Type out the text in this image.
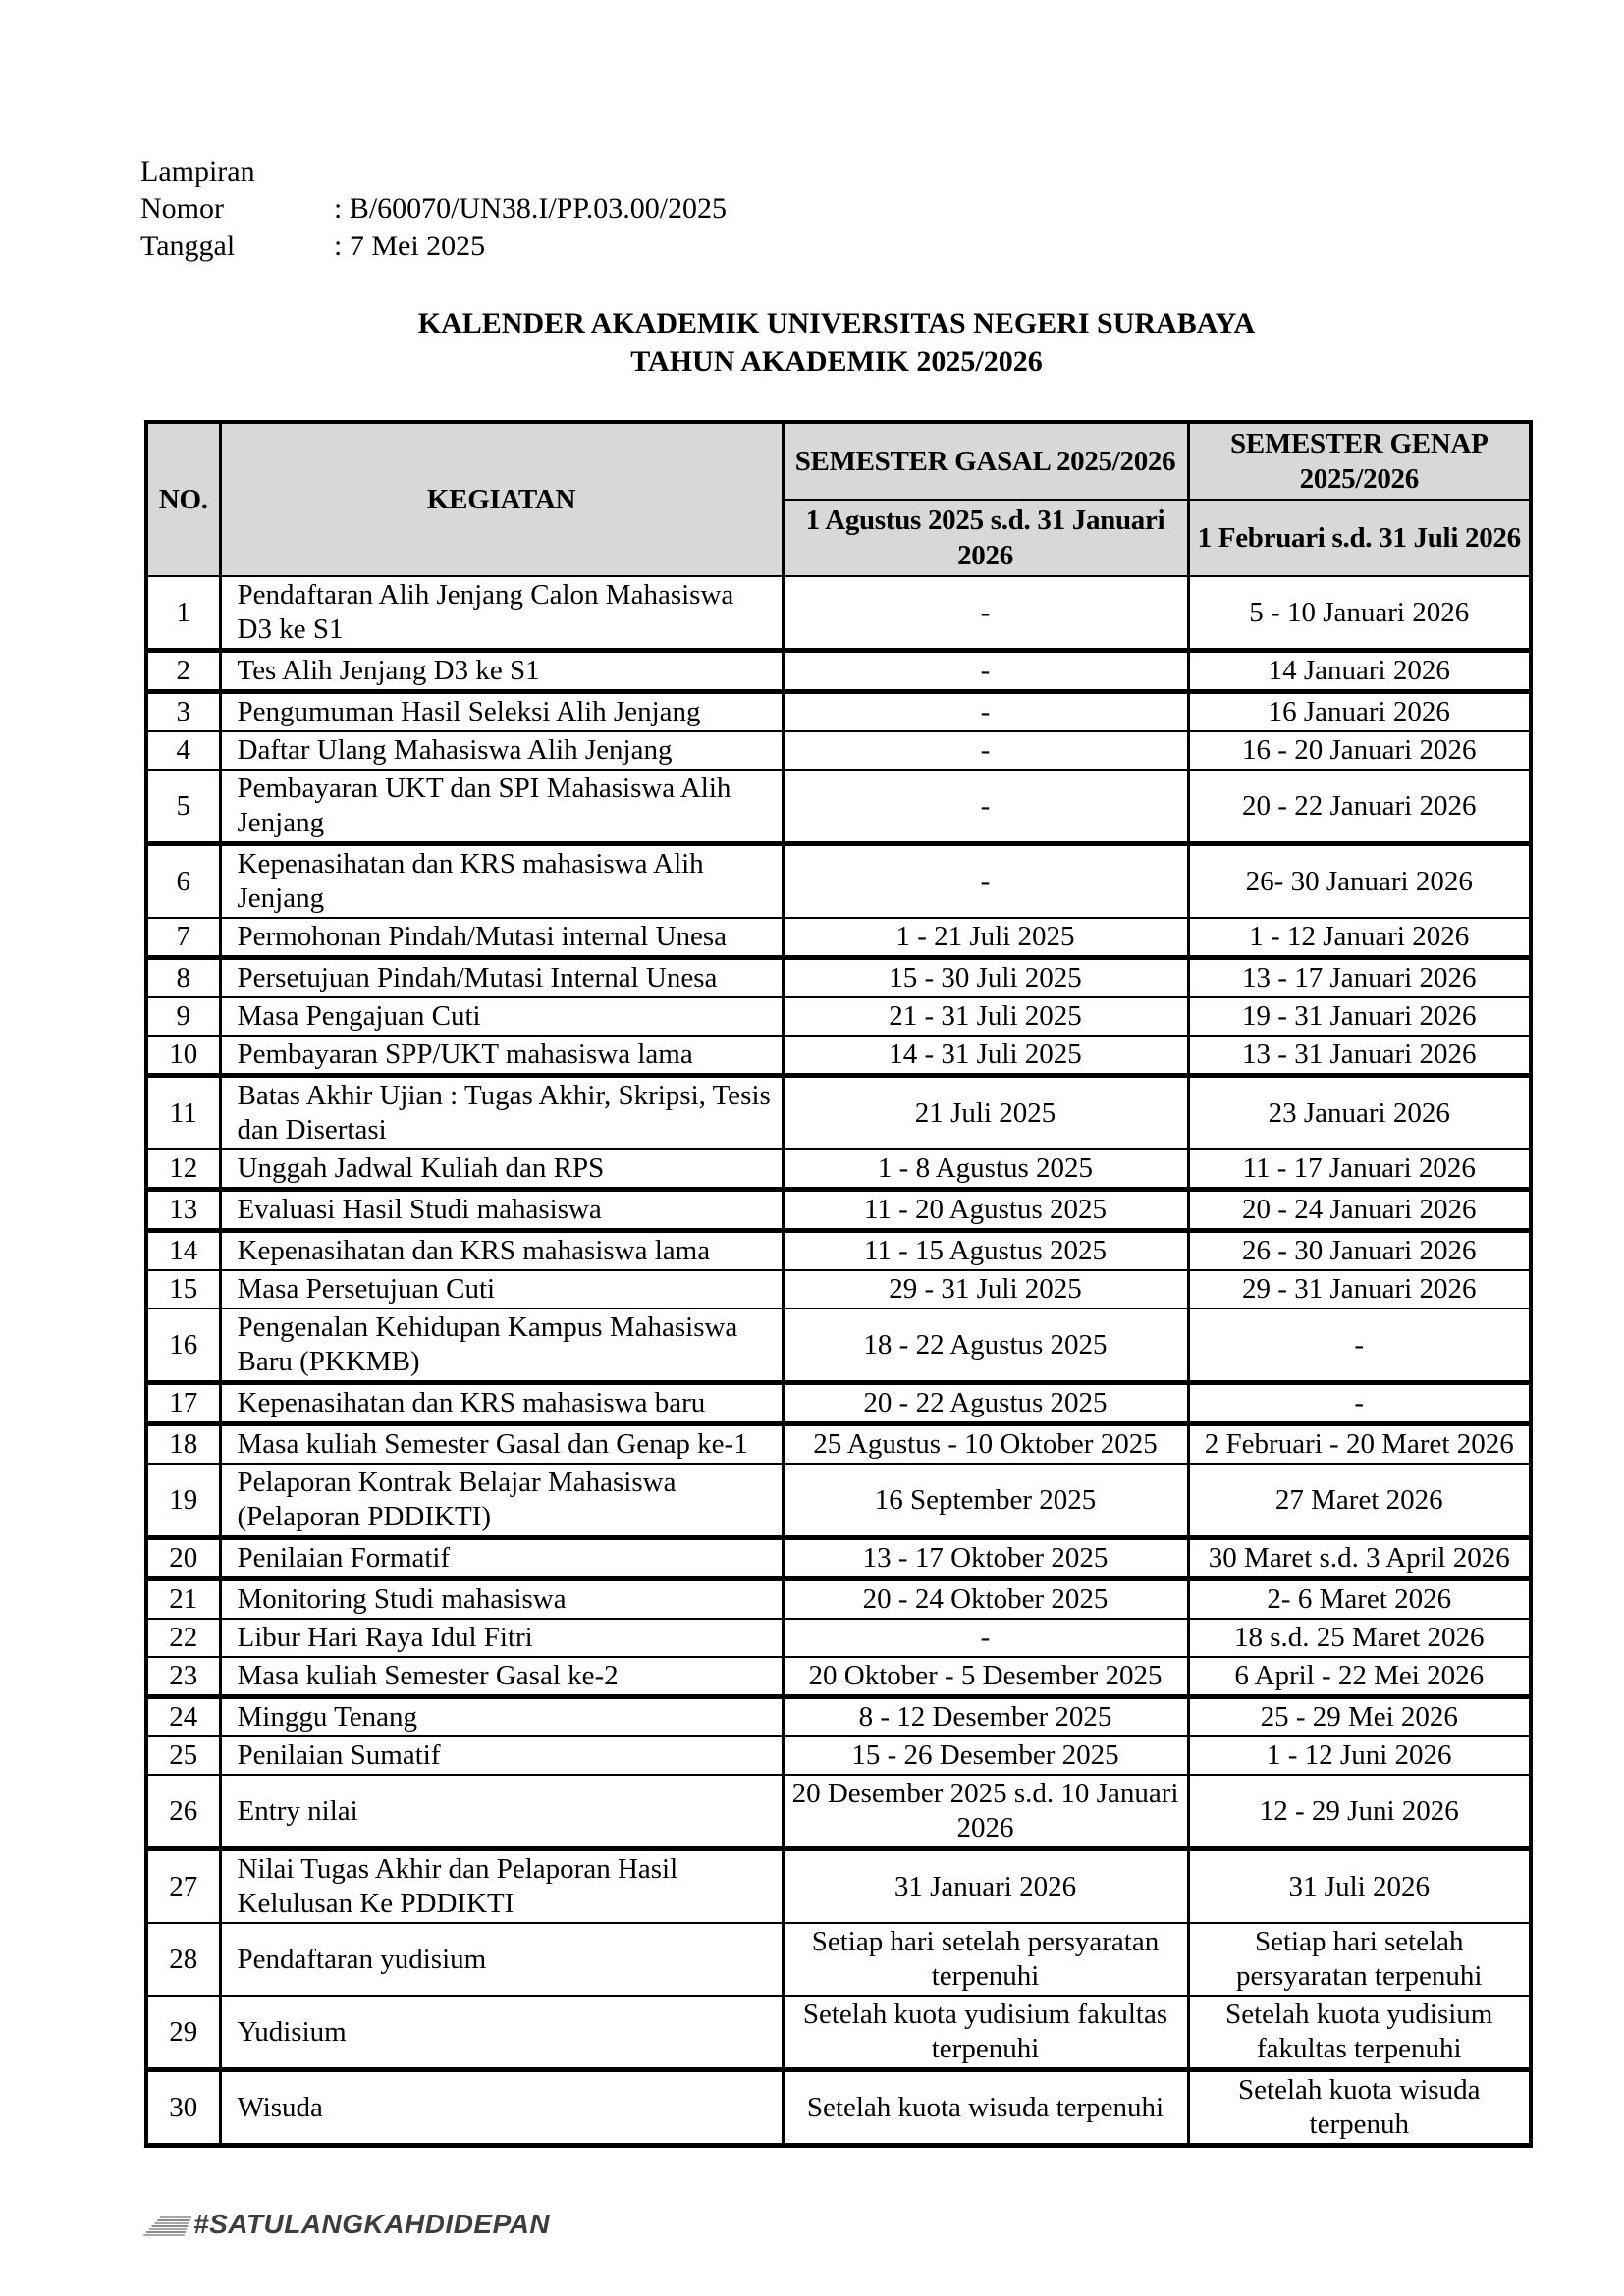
Lampiran
Nomor	: B/60070/UN38.I/PP.03.00/2025
Tanggal	: 7 Mei 2025
KALENDER AKADEMIK UNIVERSITAS NEGERI SURABAYA
TAHUN AKADEMIK 2025/2026
NO.	KEGIATAN	SEMESTER GASAL 2025/2026	SEMESTER GENAP 2025/2026
		1 Agustus 2025 s.d. 31 Januari 2026	1 Februari s.d. 31 Juli 2026
1	Pendaftaran Alih Jenjang Calon Mahasiswa D3 ke S1	-	5 - 10 Januari 2026
2	Tes Alih Jenjang D3 ke S1	-	14 Januari 2026
3	Pengumuman Hasil Seleksi Alih Jenjang	-	16 Januari 2026
4	Daftar Ulang Mahasiswa Alih Jenjang	-	16 - 20 Januari 2026
5	Pembayaran UKT dan SPI Mahasiswa Alih Jenjang	-	20 - 22 Januari 2026
6	Kepenasihatan dan KRS mahasiswa Alih Jenjang	-	26- 30 Januari 2026
7	Permohonan Pindah/Mutasi internal Unesa	1 - 21 Juli 2025	1 - 12 Januari 2026
8	Persetujuan Pindah/Mutasi Internal Unesa	15 - 30 Juli 2025	13 - 17 Januari 2026
9	Masa Pengajuan Cuti	21 - 31 Juli 2025	19 - 31 Januari 2026
10	Pembayaran SPP/UKT mahasiswa lama	14 - 31 Juli 2025	13 - 31 Januari 2026
11	Batas Akhir Ujian : Tugas Akhir, Skripsi, Tesis dan Disertasi	21 Juli 2025	23 Januari 2026
12	Unggah Jadwal Kuliah dan RPS	1 - 8 Agustus 2025	11 - 17 Januari 2026
13	Evaluasi Hasil Studi mahasiswa	11 - 20 Agustus 2025	20 - 24 Januari 2026
14	Kepenasihatan dan KRS mahasiswa lama	11 - 15 Agustus 2025	26 - 30 Januari 2026
15	Masa Persetujuan Cuti	29 - 31 Juli 2025	29 - 31 Januari 2026
16	Pengenalan Kehidupan Kampus Mahasiswa Baru (PKKMB)	18 - 22 Agustus 2025	-
17	Kepenasihatan dan KRS mahasiswa baru	20 - 22 Agustus 2025	-
18	Masa kuliah Semester Gasal dan Genap ke-1	25 Agustus - 10 Oktober 2025	2 Februari - 20 Maret 2026
19	Pelaporan Kontrak Belajar Mahasiswa (Pelaporan PDDIKTI)	16 September 2025	27 Maret 2026
20	Penilaian Formatif	13 - 17 Oktober 2025	30 Maret s.d. 3 April 2026
21	Monitoring Studi mahasiswa	20 - 24 Oktober 2025	2- 6 Maret 2026
22	Libur Hari Raya Idul Fitri	-	18 s.d. 25 Maret 2026
23	Masa kuliah Semester Gasal ke-2	20 Oktober - 5 Desember 2025	6 April - 22 Mei 2026
24	Minggu Tenang	8 - 12 Desember 2025	25 - 29 Mei 2026
25	Penilaian Sumatif	15 - 26 Desember 2025	1 - 12 Juni 2026
26	Entry nilai	20 Desember 2025 s.d. 10 Januari 2026	12 - 29 Juni 2026
27	Nilai Tugas Akhir dan Pelaporan Hasil Kelulusan Ke PDDIKTI	31 Januari 2026	31 Juli 2026
28	Pendaftaran yudisium	Setiap hari setelah persyaratan terpenuhi	Setiap hari setelah persyaratan terpenuhi
29	Yudisium	Setelah kuota yudisium fakultas terpenuhi	Setelah kuota yudisium fakultas terpenuhi
30	Wisuda	Setelah kuota wisuda terpenuhi	Setelah kuota wisuda terpenuh
#SATULANGKAHDIDEPAN
